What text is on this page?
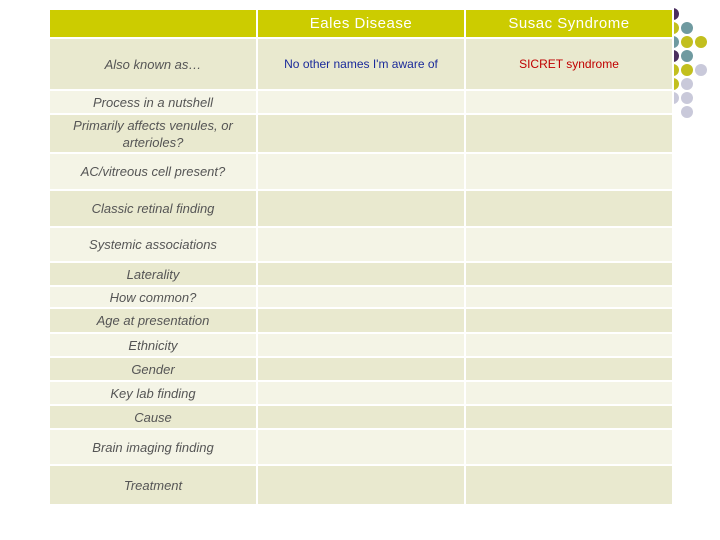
	Eales Disease	Susac Syndrome
Also known as…	No other names I'm aware of	SICRET syndrome
Process in a nutshell		
Primarily affects venules, or arterioles?		
AC/vitreous cell present?		
Classic retinal finding		
Systemic associations		
Laterality		
How common?		
Age at presentation		
Ethnicity		
Gender		
Key lab finding		
Cause		
Brain imaging finding		
Treatment		
